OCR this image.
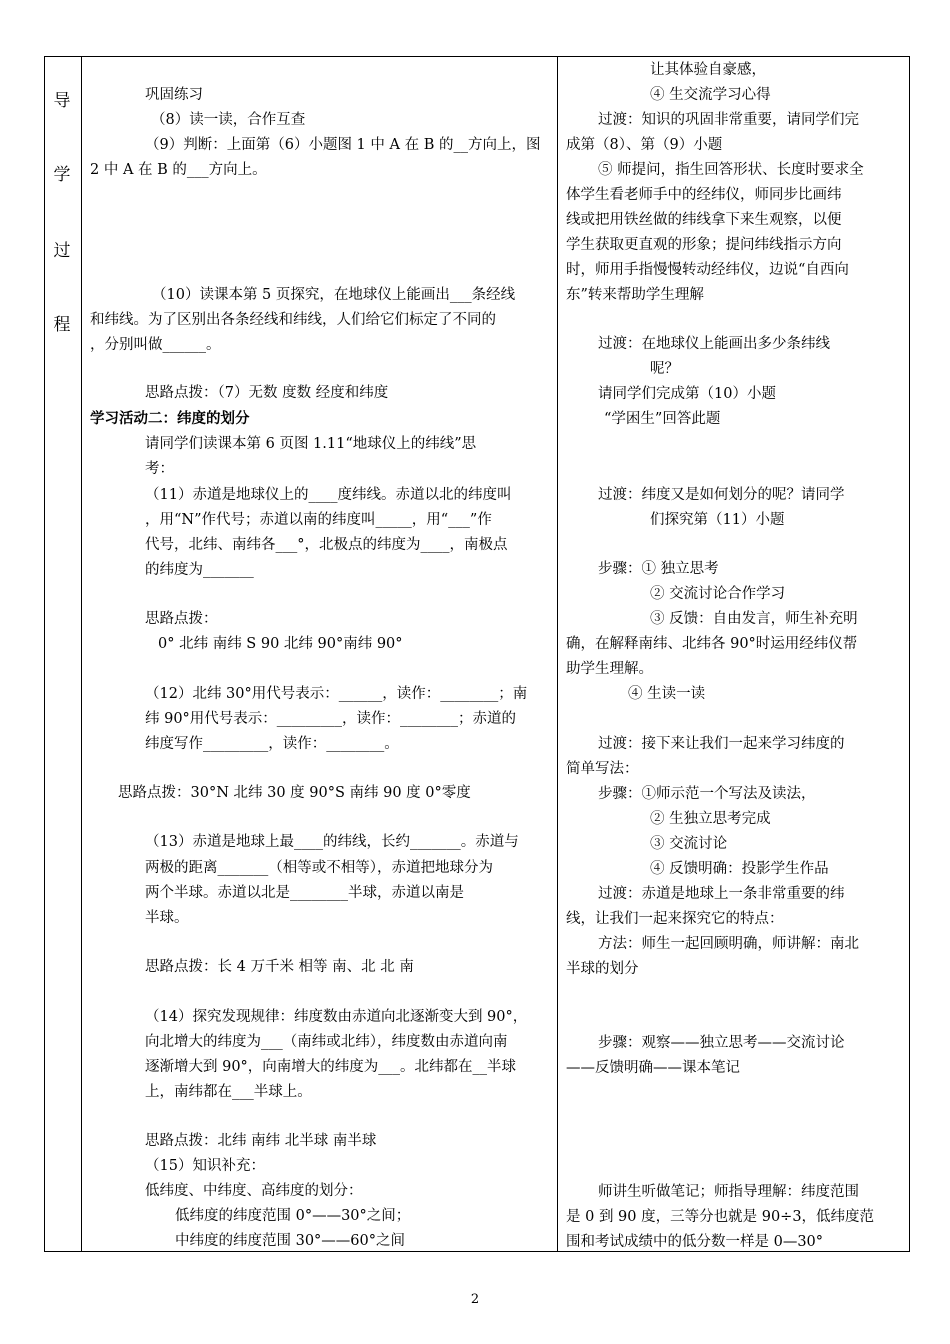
导
学
过
程
巩固练习
（8）读一读，合作互查
（9）判断：上面第（6）小题图 1 中 A 在 B 的__方向上，图
2 中 A 在 B 的___方向上。
（10）读课本第 5 页探究，在地球仪上能画出___条经线
和纬线。为了区别出各条经线和纬线，人们给它们标定了不同的
，分别叫做______。
思路点拨：（7）无数 度数 经度和纬度
学习活动二：纬度的划分
请同学们读课本第 6 页图 1.11“地球仪上的纬线”思
考：
（11）赤道是地球仪上的____度纬线。赤道以北的纬度叫
，用“N”作代号；赤道以南的纬度叫_____，用“___”作
代号，北纬、南纬各___°，北极点的纬度为____，南极点
的纬度为_______
思路点拨：
0° 北纬 南纬 S 90 北纬 90°南纬 90°
（12）北纬 30°用代号表示：______，读作：________；南
纬 90°用代号表示：_________，读作：________；赤道的
纬度写作_________，读作：________。
思路点拨：30°N 北纬 30 度 90°S 南纬 90 度 0°零度
（13）赤道是地球上最____的纬线，长约_______。赤道与
两极的距离_______（相等或不相等），赤道把地球分为
两个半球。赤道以北是________半球，赤道以南是
半球。
思路点拨：长 4 万千米 相等 南、北 北 南
（14）探究发现规律：纬度数由赤道向北逐渐变大到 90°，
向北增大的纬度为___（南纬或北纬），纬度数由赤道向南
逐渐增大到 90°，向南增大的纬度为___。北纬都在__半球
上，南纬都在___半球上。
思路点拨：北纬 南纬 北半球 南半球
（15）知识补充：
低纬度、中纬度、高纬度的划分：
低纬度的纬度范围 0°——30°之间；
中纬度的纬度范围 30°——60°之间
让其体验自豪感，
④ 生交流学习心得
过渡：知识的巩固非常重要，请同学们完
成第（8）、第（9）小题
⑤ 师提问，指生回答形状、长度时要求全
体学生看老师手中的经纬仪，师同步比画纬
线或把用铁丝做的纬线拿下来生观察，以便
学生获取更直观的形象；提问纬线指示方向
时，师用手指慢慢转动经纬仪，边说“自西向
东”转来帮助学生理解
过渡：在地球仪上能画出多少条纬线
呢？
请同学们完成第（10）小题
“学困生”回答此题
过渡：纬度又是如何划分的呢？请同学
们探究第（11）小题
步骤：① 独立思考
② 交流讨论合作学习
③ 反馈：自由发言，师生补充明
确，在解释南纬、北纬各 90°时运用经纬仪帮
助学生理解。
④ 生读一读
过渡：接下来让我们一起来学习纬度的
简单写法：
步骤：①师示范一个写法及读法，
② 生独立思考完成
③ 交流讨论
④ 反馈明确：投影学生作品
过渡：赤道是地球上一条非常重要的纬
线，让我们一起来探究它的特点：
方法：师生一起回顾明确，师讲解：南北
半球的划分
步骤：观察——独立思考——交流讨论
——反馈明确——课本笔记
师讲生听做笔记；师指导理解：纬度范围
是 0 到 90 度，三等分也就是 90÷3，低纬度范
围和考试成绩中的低分数一样是 0—30°
2
